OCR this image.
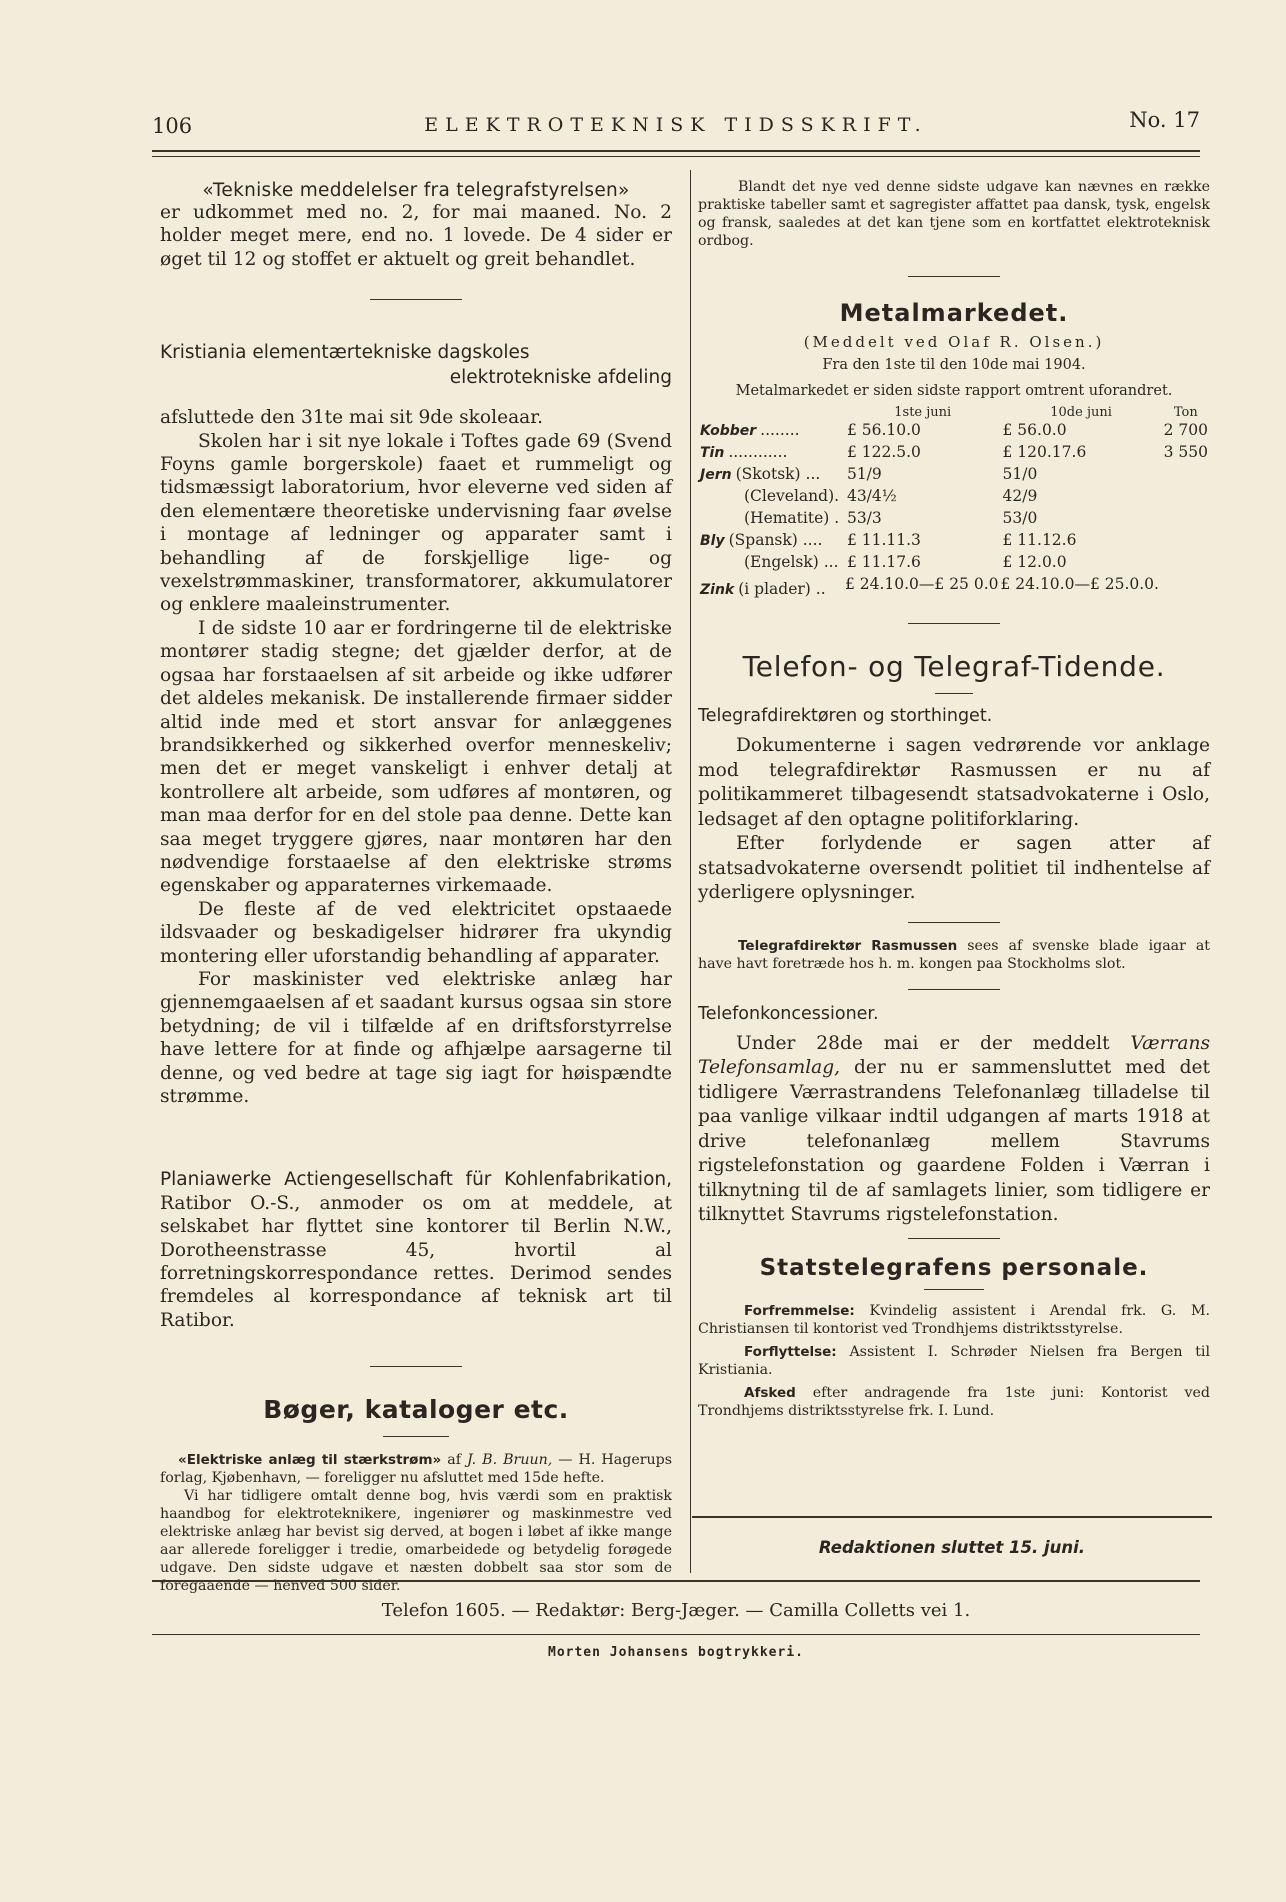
106	ELEKTROTEKNISK TIDSSKRIFT.	No. 17
«Tekniske meddelelser fra telegrafstyrelsen»

er udkommet med no. 2, for mai maaned. No. 2 holder meget mere, end no. 1 lovede. De 4 sider er øget til 12 og stoffet er aktuelt og greit behandlet.

Kristiania elementærtekniske dagskoles
elektrotekniske afdeling

afsluttede den 31te mai sit 9de skoleaar.

Skolen har i sit nye lokale i Toftes gade 69 (Svend Foyns gamle borgerskole) faaet et rummeligt og tidsmæssigt laboratorium, hvor eleverne ved siden af den elementære theoretiske undervisning faar øvelse i montage af ledninger og apparater samt i behandling af de forskjellige lige- og vexelstrømmaskiner, transformatorer, akkumulatorer og enklere maaleinstrumenter.

I de sidste 10 aar er fordringerne til de elektriske montører stadig stegne; det gjælder derfor, at de ogsaa har forstaaelsen af sit arbeide og ikke udfører det aldeles mekanisk. De installerende firmaer sidder altid inde med et stort ansvar for anlæggenes brandsikkerhed og sikkerhed overfor menneskeliv; men det er meget vanskeligt i enhver detalj at kontrollere alt arbeide, som udføres af montøren, og man maa derfor for en del stole paa denne. Dette kan saa meget tryggere gjøres, naar montøren har den nødvendige forstaaelse af den elektriske strøms egenskaber og apparaternes virkemaade.

De fleste af de ved elektricitet opstaaede ildsvaader og beskadigelser hidrører fra ukyndig montering eller uforstandig behandling af apparater.

For maskinister ved elektriske anlæg har gjennemgaaelsen af et saadant kursus ogsaa sin store betydning; de vil i tilfælde af en driftsforstyrrelse have lettere for at finde og afhjælpe aarsagerne til denne, og ved bedre at tage sig iagt for høispændte strømme.

Planiawerke Actiengesellschaft für Kohlenfabrikation, Ratibor O.-S., anmoder os om at meddele, at selskabet har flyttet sine kontorer til Berlin N.W., Dorotheenstrasse 45, hvortil al forretningskorrespondance rettes. Derimod sendes fremdeles al korrespondance af teknisk art til Ratibor.

Bøger, kataloger etc.

«Elektriske anlæg til stærkstrøm» af J. B. Bruun, — H. Hagerups forlag, Kjøbenhavn, — foreligger nu afsluttet med 15de hefte.

Vi har tidligere omtalt denne bog, hvis værdi som en praktisk haandbog for elektroteknikere, ingeniører og maskinmestre ved elektriske anlæg har bevist sig derved, at bogen i løbet af ikke mange aar allerede foreligger i tredie, omarbeidede og betydelig forøgede udgave. Den sidste udgave et næsten dobbelt saa stor som de foregaaende — henved 500 sider.

Blandt det nye ved denne sidste udgave kan nævnes en række praktiske tabeller samt et sagregister affattet paa dansk, tysk, engelsk og fransk, saaledes at det kan tjene som en kortfattet elektroteknisk ordbog.

Metalmarkedet.
(Meddelt ved Olaf R. Olsen.)
Fra den 1ste til den 10de mai 1904.
Metalmarkedet er siden sidste rapport omtrent uforandret.
	1ste juni	10de juni	Ton
Kobber ........	£ 56.10.0	£ 56.0.0	2 700
Tin ............	£ 122.5.0	£ 120.17.6	3 550
Jern (Skotsk) ...	51/9	51/0	
(Cleveland).	43/4½	42/9	
(Hematite) .	53/3	53/0	
Bly (Spansk) ....	£ 11.11.3	£ 11.12.6	
(Engelsk) ...	£ 11.17.6	£ 12.0.0	
Zink (i plader) ..	£ 24.10.0—£ 25 0.0	£ 24.10.0—£ 25.0.0.	
Telefon- og Telegraf-Tidende.
Telegrafdirektøren og storthinget.

Dokumenterne i sagen vedrørende vor anklage mod telegrafdirektør Rasmussen er nu af politikammeret tilbagesendt statsadvokaterne i Oslo, ledsaget af den optagne politiforklaring.

Efter forlydende er sagen atter af statsadvokaterne oversendt politiet til indhentelse af yderligere oplysninger.

Telegrafdirektør Rasmussen sees af svenske blade igaar at have havt foretræde hos h. m. kongen paa Stockholms slot.

Telefonkoncessioner.

Under 28de mai er der meddelt Værrans Telefonsamlag, der nu er sammensluttet med det tidligere Værrastrandens Telefonanlæg tilladelse til paa vanlige vilkaar indtil udgangen af marts 1918 at drive telefonanlæg mellem Stavrums rigstelefonstation og gaardene Folden i Værran i tilknytning til de af samlagets linier, som tidligere er tilknyttet Stavrums rigstelefonstation.

Statstelegrafens personale.

Forfremmelse: Kvindelig assistent i Arendal frk. G. M. Christiansen til kontorist ved Trondhjems distriktsstyrelse.

Forflyttelse: Assistent I. Schrøder Nielsen fra Bergen til Kristiania.

Afsked efter andragende fra 1ste juni: Kontorist ved Trondhjems distriktsstyrelse frk. I. Lund.

Redaktionen sluttet 15. juni.
Telefon 1605. — Redaktør: Berg-Jæger. — Camilla Colletts vei 1.
Morten Johansens bogtrykkeri.
